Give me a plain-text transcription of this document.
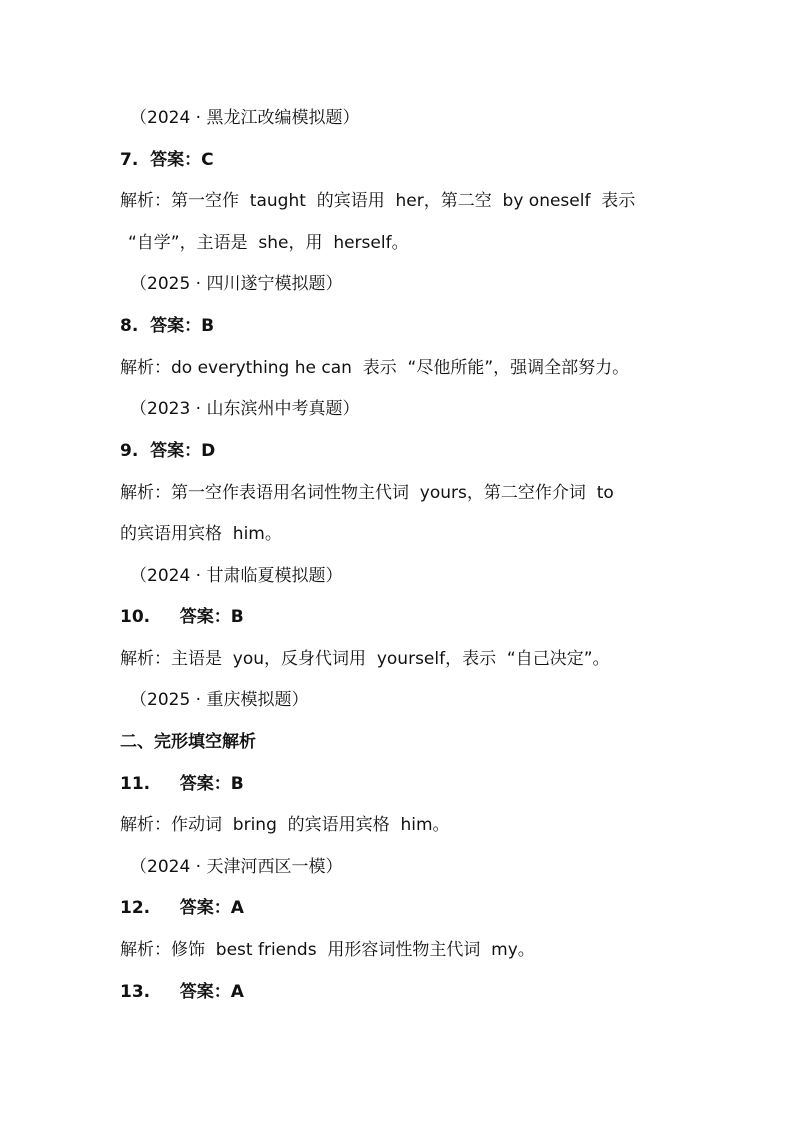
（2024 · 黑龙江改编模拟题）
7.  答案：C
解析：第一空作  taught  的宾语用  her，第二空  by oneself  表示
“自学”，主语是  she，用  herself。
（2025 · 四川遂宁模拟题）
8.  答案：B
解析：do everything he can  表示  “尽他所能”，强调全部努力。
（2023 · 山东滨州中考真题）
9.  答案：D
解析：第一空作表语用名词性物主代词  yours，第二空作介词  to
的宾语用宾格  him。
（2024 · 甘肃临夏模拟题）
10.     答案：B
解析：主语是  you，反身代词用  yourself，表示  “自己决定”。
（2025 · 重庆模拟题）
二、完形填空解析
11.     答案：B
解析：作动词  bring  的宾语用宾格  him。
（2024 · 天津河西区一模）
12.     答案：A
解析：修饰  best friends  用形容词性物主代词  my。
13.     答案：A
